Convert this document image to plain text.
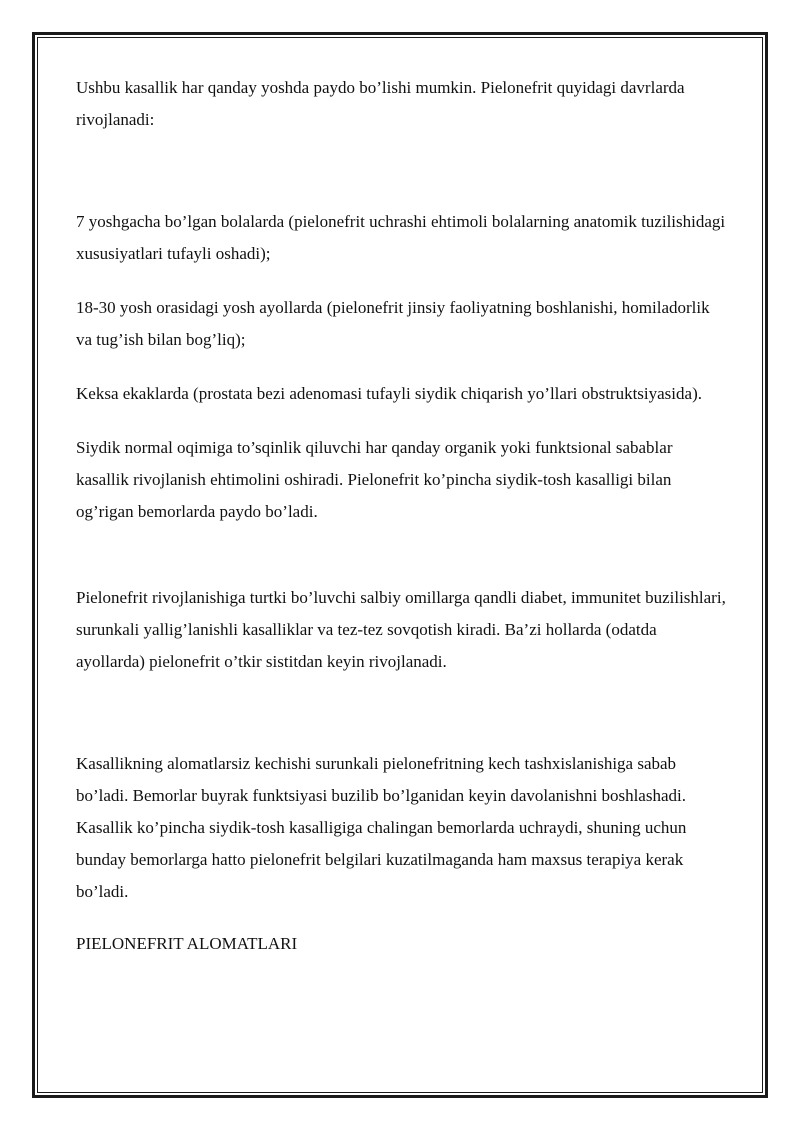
Ushbu kasallik har qanday yoshda paydo bo’lishi mumkin. Pielonefrit quyidagi davrlarda rivojlanadi:

7 yoshgacha bo’lgan bolalarda (pielonefrit uchrashi ehtimoli bolalarning anatomik tuzilishidagi xususiyatlari tufayli oshadi);

18-30 yosh orasidagi yosh ayollarda (pielonefrit jinsiy faoliyatning boshlanishi, homiladorlik va tug’ish bilan bog’liq);

Keksa ekaklarda (prostata bezi adenomasi tufayli siydik chiqarish yo’llari obstruktsiyasida).

Siydik normal oqimiga to’sqinlik qiluvchi har qanday organik yoki funktsional sabablar kasallik rivojlanish ehtimolini oshiradi. Pielonefrit ko’pincha siydik-tosh kasalligi bilan og’rigan bemorlarda paydo bo’ladi.

Pielonefrit rivojlanishiga turtki bo’luvchi salbiy omillarga qandli diabet, immunitet buzilishlari, surunkali yallig’lanishli kasalliklar va tez-tez sovqotish kiradi. Ba’zi hollarda (odatda ayollarda) pielonefrit o’tkir sistitdan keyin rivojlanadi.

Kasallikning alomatlarsiz kechishi surunkali pielonefritning kech tashxislanishiga sabab bo’ladi. Bemorlar buyrak funktsiyasi buzilib bo’lganidan keyin davolanishni boshlashadi. Kasallik ko’pincha siydik-tosh kasalligiga chalingan bemorlarda uchraydi, shuning uchun bunday bemorlarga hatto pielonefrit belgilari kuzatilmaganda ham maxsus terapiya kerak bo’ladi.

PIELONEFRIT ALOMATLARI
